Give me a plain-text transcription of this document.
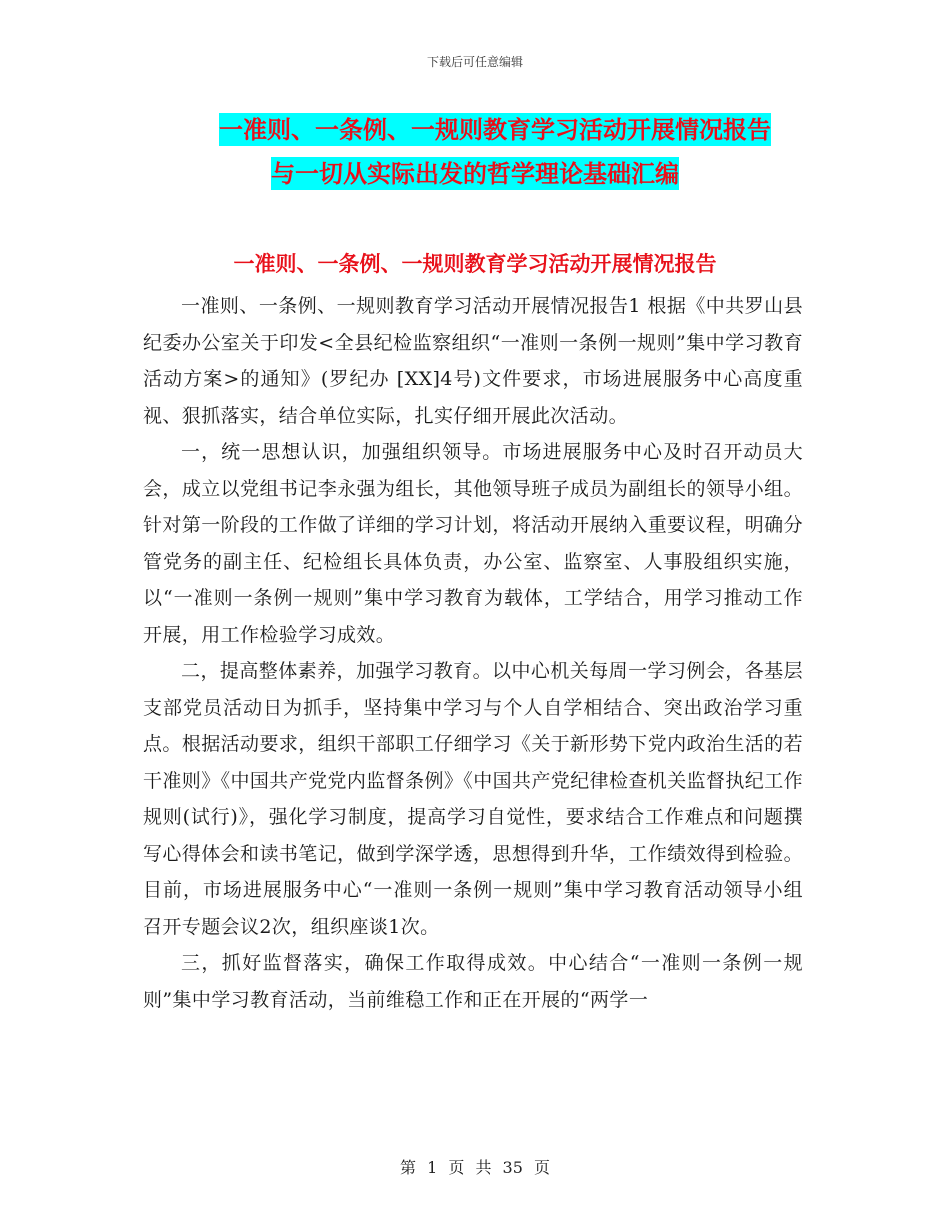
下载后可任意编辑
一准则、一条例、一规则教育学习活动开展情况报告
与一切从实际出发的哲学理论基础汇编
一准则、一条例、一规则教育学习活动开展情况报告

一准则、一条例、一规则教育学习活动开展情况报告1 根据《中共罗山县纪委办公室关于印发<全县纪检监察组织“一准则一条例一规则”集中学习教育活动方案>的通知》(罗纪办 [XX]4号)文件要求，市场进展服务中心高度重视、狠抓落实，结合单位实际，扎实仔细开展此次活动。

一，统一思想认识，加强组织领导。市场进展服务中心及时召开动员大会，成立以党组书记李永强为组长，其他领导班子成员为副组长的领导小组。针对第一阶段的工作做了详细的学习计划，将活动开展纳入重要议程，明确分管党务的副主任、纪检组长具体负责，办公室、监察室、人事股组织实施，以“一准则一条例一规则”集中学习教育为载体，工学结合，用学习推动工作开展，用工作检验学习成效。

二，提高整体素养，加强学习教育。以中心机关每周一学习例会，各基层支部党员活动日为抓手，坚持集中学习与个人自学相结合、突出政治学习重点。根据活动要求，组织干部职工仔细学习《关于新形势下党内政治生活的若干准则》《中国共产党党内监督条例》《中国共产党纪律检查机关监督执纪工作规则(试行)》，强化学习制度，提高学习自觉性，要求结合工作难点和问题撰写心得体会和读书笔记，做到学深学透，思想得到升华，工作绩效得到检验。目前，市场进展服务中心“一准则一条例一规则”集中学习教育活动领导小组召开专题会议2次，组织座谈1次。

三，抓好监督落实，确保工作取得成效。中心结合“一准则一条例一规则”集中学习教育活动，当前维稳工作和正在开展的“两学一

第 1 页 共 35 页
